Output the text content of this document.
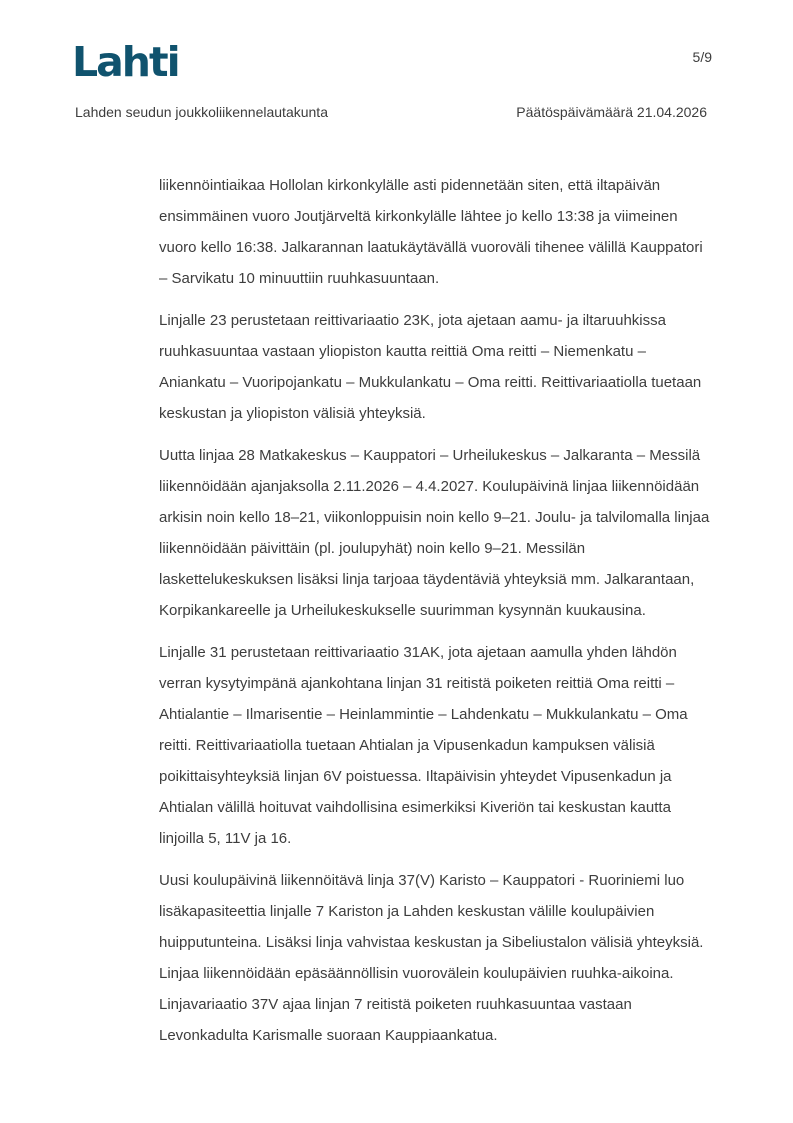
Lahti	5/9
Lahden seudun joukkoliikennelautakunta	Päätöspäivämäärä 21.04.2026

liikennöintiaikaa Hollolan kirkonkylälle asti pidennetään siten, että iltapäivän ensimmäinen vuoro Joutjärveltä kirkonkylälle lähtee jo kello 13:38 ja viimeinen vuoro kello 16:38. Jalkarannan laatukäytävällä vuoroväli tihenee välillä Kauppatori – Sarvikatu 10 minuuttiin ruuhkasuuntaan.

Linjalle 23 perustetaan reittivariaatio 23K, jota ajetaan aamu- ja iltaruuhkissa ruuhkasuuntaa vastaan yliopiston kautta reittiä Oma reitti – Niemenkatu – Aniankatu – Vuoripojankatu – Mukkulankatu – Oma reitti. Reittivariaatiolla tuetaan keskustan ja yliopiston välisiä yhteyksiä.

Uutta linjaa 28 Matkakeskus – Kauppatori – Urheilukeskus – Jalkaranta – Messilä liikennöidään ajanjaksolla 2.11.2026 – 4.4.2027. Koulupäivinä linjaa liikennöidään arkisin noin kello 18–21, viikonloppuisin noin kello 9–21. Joulu- ja talvilomalla linjaa liikennöidään päivittäin (pl. joulupyhät) noin kello 9–21. Messilän laskettelukeskuksen lisäksi linja tarjoaa täydentäviä yhteyksiä mm. Jalkarantaan, Korpikankareelle ja Urheilukeskukselle suurimman kysynnän kuukausina.

Linjalle 31 perustetaan reittivariaatio 31AK, jota ajetaan aamulla yhden lähdön verran kysytyimpänä ajankohtana linjan 31 reitistä poiketen reittiä Oma reitti – Ahtialantie – Ilmarisentie – Heinlammintie – Lahdenkatu – Mukkulankatu – Oma reitti. Reittivariaatiolla tuetaan Ahtialan ja Vipusenkadun kampuksen välisiä poikittaisyhteyksiä linjan 6V poistuessa. Iltapäivisin yhteydet Vipusenkadun ja Ahtialan välillä hoituvat vaihdollisina esimerkiksi Kiveriön tai keskustan kautta linjoilla 5, 11V ja 16.

Uusi koulupäivinä liikennöitävä linja 37(V) Karisto – Kauppatori - Ruoriniemi luo lisäkapasiteettia linjalle 7 Kariston ja Lahden keskustan välille koulupäivien huipputunteina. Lisäksi linja vahvistaa keskustan ja Sibeliustalon välisiä yhteyksiä. Linjaa liikennöidään epäsäännöllisin vuorovälein koulupäivien ruuhka-aikoina. Linjavariaatio 37V ajaa linjan 7 reitistä poiketen ruuhkasuuntaa vastaan Levonkadulta Karismalle suoraan Kauppiaankatua.
